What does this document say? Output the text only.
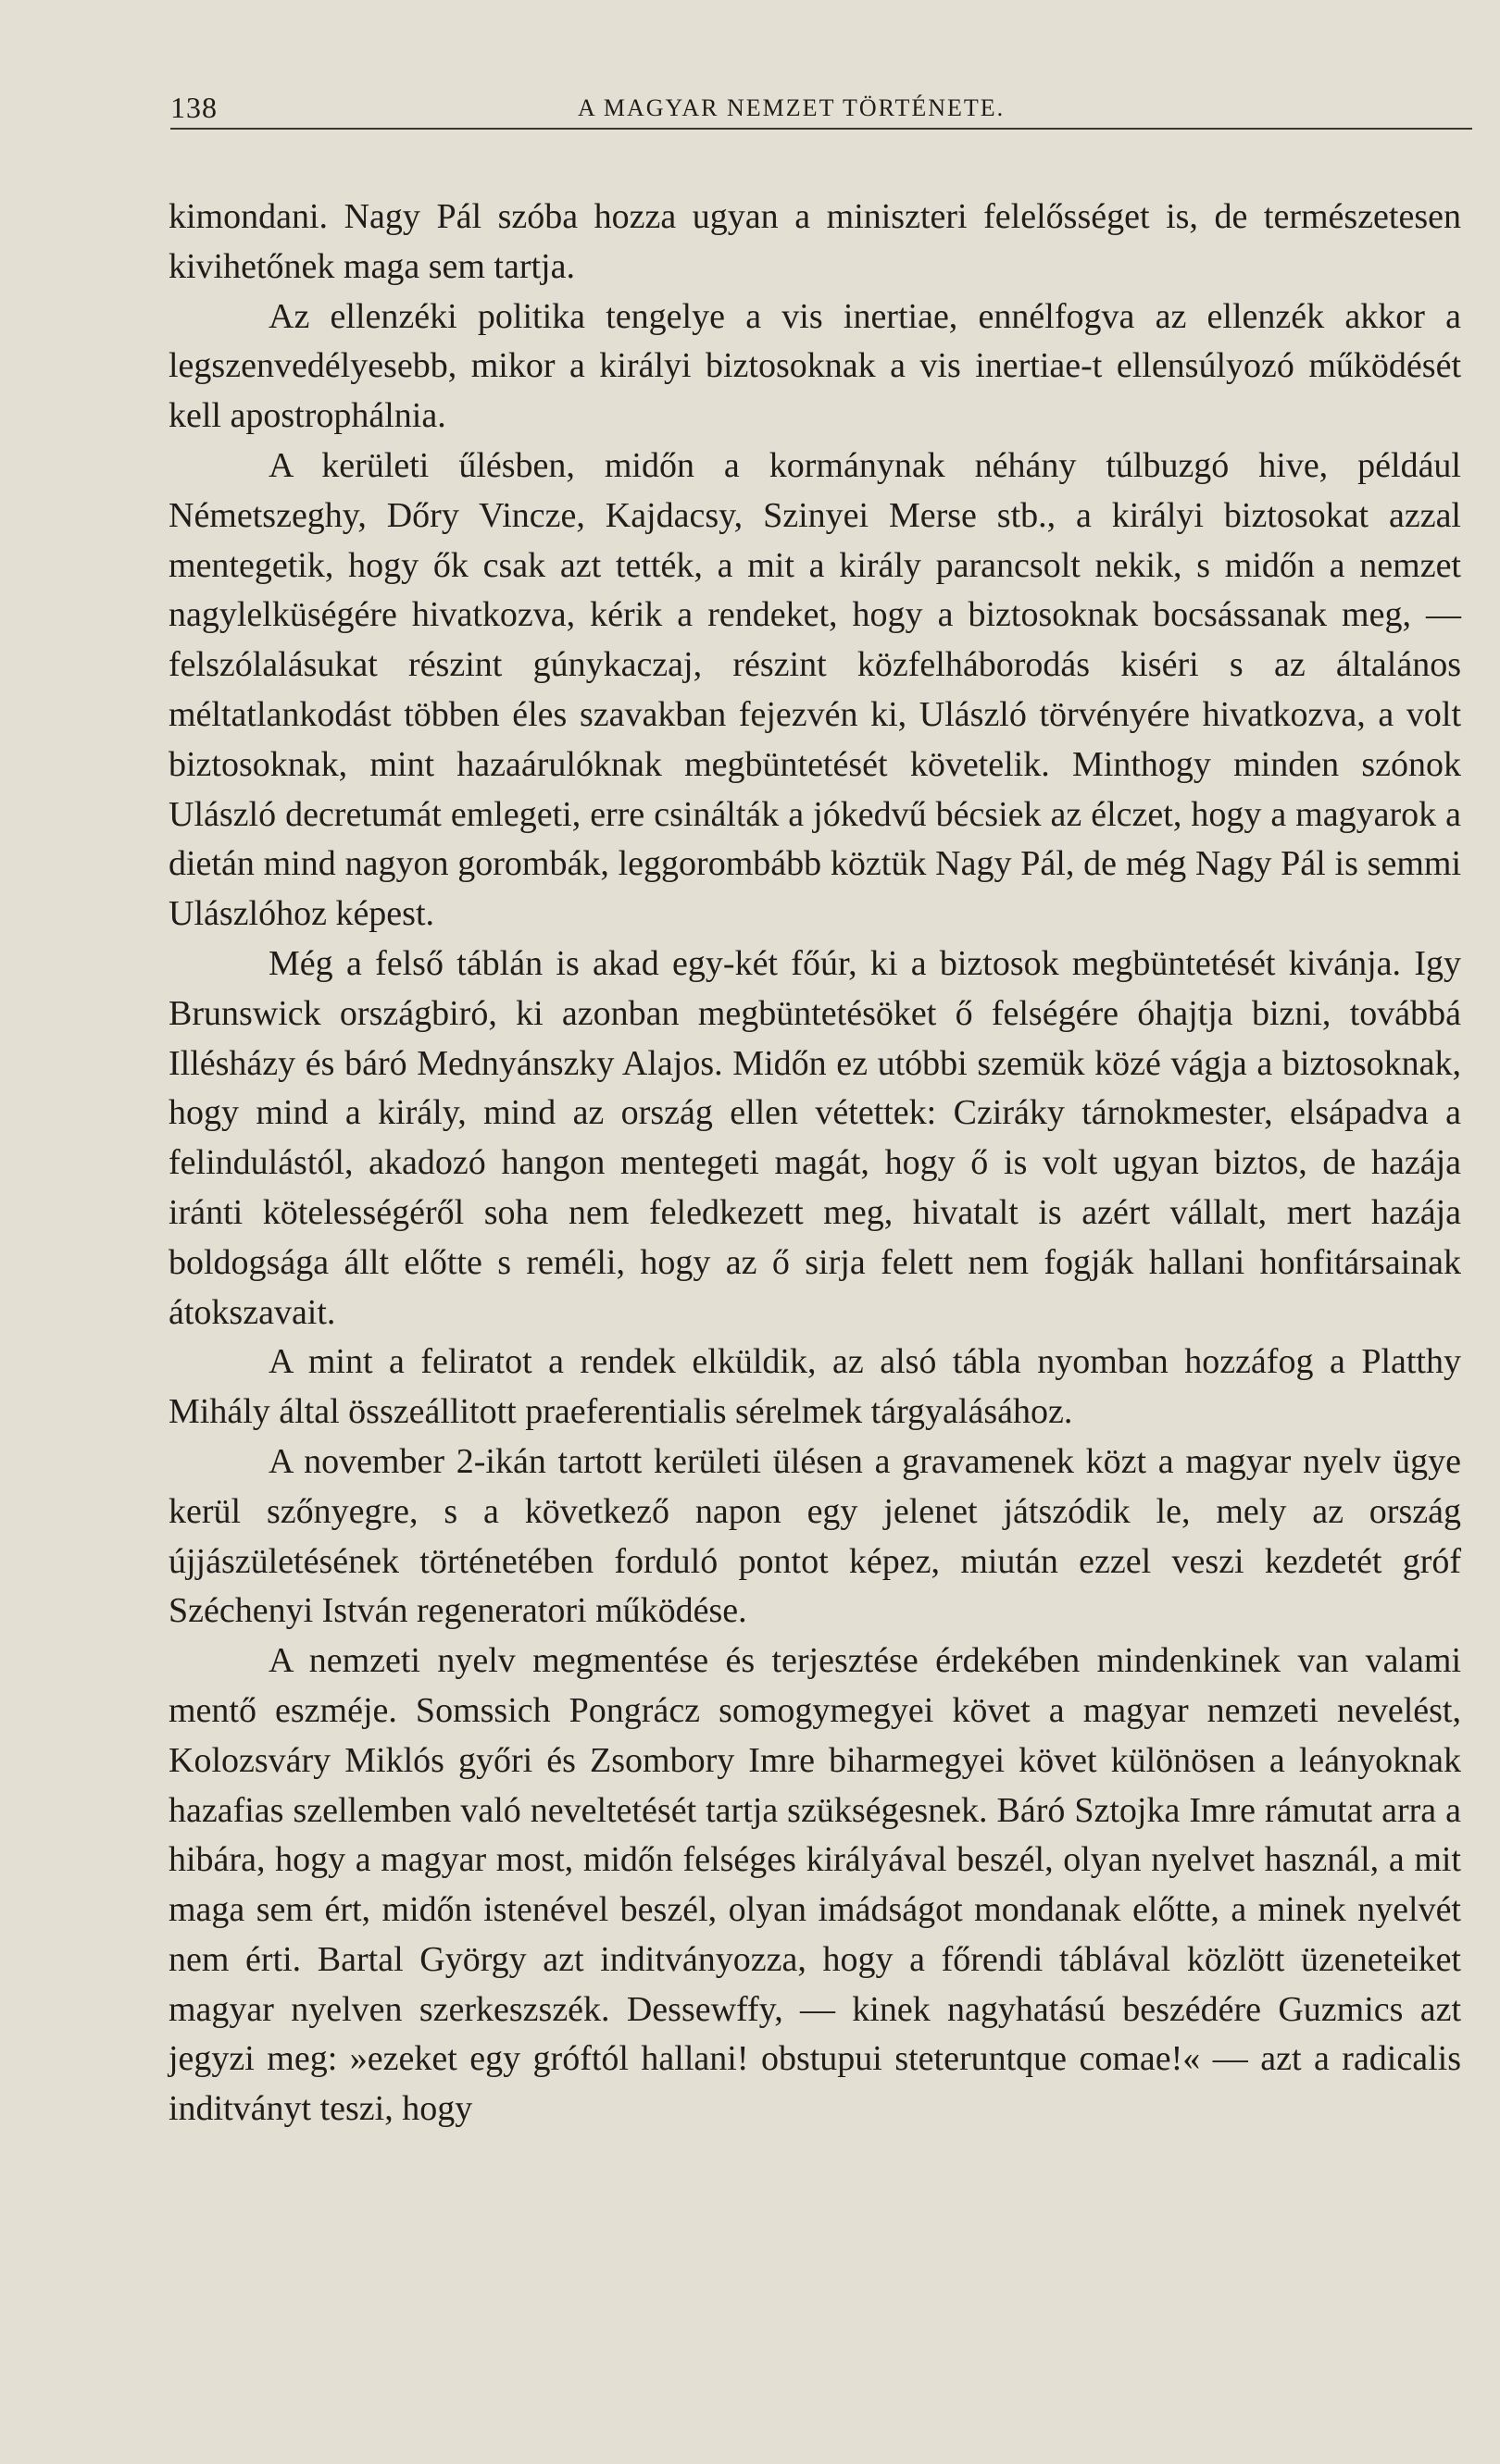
138	A MAGYAR NEMZET TÖRTÉNETE.

kimondani. Nagy Pál szóba hozza ugyan a miniszteri felelősséget is, de természetesen kivihetőnek maga sem tartja.

Az ellenzéki politika tengelye a vis inertiae, ennélfogva az ellenzék akkor a legszenvedélyesebb, mikor a királyi biztosoknak a vis inertiae-t ellensúlyozó működését kell apostrophálnia.

A kerületi űlésben, midőn a kormánynak néhány túlbuzgó hive, például Németszeghy, Dőry Vincze, Kajdacsy, Szinyei Merse stb., a királyi biztosokat azzal mentegetik, hogy ők csak azt tették, a mit a király parancsolt nekik, s midőn a nemzet nagylelküségére hivatkozva, kérik a rendeket, hogy a biztosoknak bocsássanak meg, — felszólalásukat részint gúnykaczaj, részint közfelháborodás kiséri s az általános méltatlankodást többen éles szavakban fejezvén ki, Ulászló törvényére hivatkozva, a volt biztosoknak, mint hazaárulóknak megbüntetését követelik. Minthogy minden szónok Ulászló decretumát emlegeti, erre csinálták a jókedvű bécsiek az élczet, hogy a magyarok a dietán mind nagyon gorombák, leggorombább köztük Nagy Pál, de még Nagy Pál is semmi Ulászlóhoz képest.

Még a felső táblán is akad egy-két főúr, ki a biztosok megbüntetését kivánja. Igy Brunswick országbiró, ki azonban megbüntetésöket ő felségére óhajtja bizni, továbbá Illésházy és báró Mednyánszky Alajos. Midőn ez utóbbi szemük közé vágja a biztosoknak, hogy mind a király, mind az ország ellen vétettek: Cziráky tárnokmester, elsápadva a felindulástól, akadozó hangon mentegeti magát, hogy ő is volt ugyan biztos, de hazája iránti kötelességéről soha nem feledkezett meg, hivatalt is azért vállalt, mert hazája boldogsága állt előtte s reméli, hogy az ő sirja felett nem fogják hallani honfitársainak átokszavait.

A mint a feliratot a rendek elküldik, az alsó tábla nyomban hozzáfog a Platthy Mihály által összeállitott praeferentialis sérelmek tárgyalásához.

A november 2-ikán tartott kerületi ülésen a gravamenek közt a magyar nyelv ügye kerül szőnyegre, s a következő napon egy jelenet játszódik le, mely az ország újjászületésének történetében forduló pontot képez, miután ezzel veszi kezdetét gróf Széchenyi István regeneratori működése.

A nemzeti nyelv megmentése és terjesztése érdekében mindenkinek van valami mentő eszméje. Somssich Pongrácz somogymegyei követ a magyar nemzeti nevelést, Kolozsváry Miklós győri és Zsombory Imre biharmegyei követ különösen a leányoknak hazafias szellemben való neveltetését tartja szükségesnek. Báró Sztojka Imre rámutat arra a hibára, hogy a magyar most, midőn felséges királyával beszél, olyan nyelvet használ, a mit maga sem ért, midőn istenével beszél, olyan imádságot mondanak előtte, a minek nyelvét nem érti. Bartal György azt inditványozza, hogy a főrendi táblával közlött üzeneteiket magyar nyelven szerkeszszék. Dessewffy, — kinek nagyhatású beszédére Guzmics azt jegyzi meg: »ezeket egy gróftól hallani! obstupui steteruntque comae!« — azt a radicalis inditványt teszi, hogy
